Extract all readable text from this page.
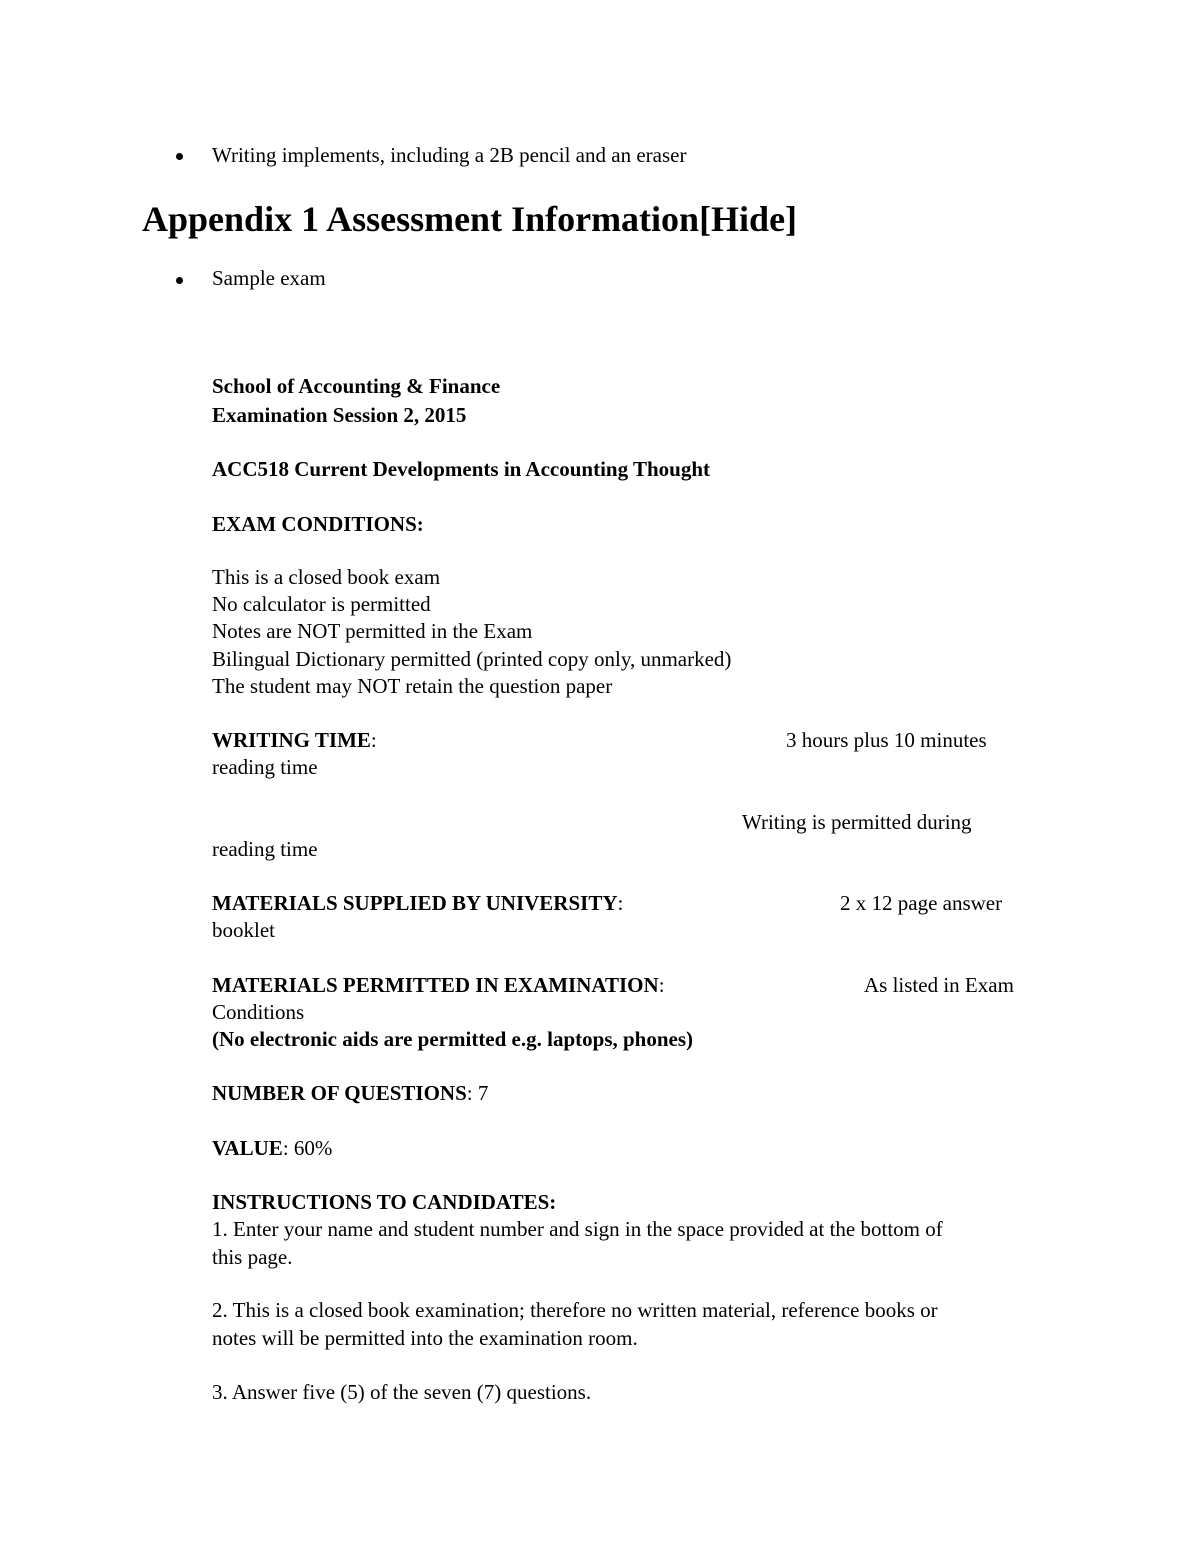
Writing implements, including a 2B pencil and an eraser
Appendix 1 Assessment Information[Hide]
Sample exam
School of Accounting & Finance
Examination Session 2, 2015
ACC518 Current Developments in Accounting Thought
EXAM CONDITIONS:
This is a closed book exam
No calculator is permitted
Notes are NOT permitted in the Exam
Bilingual Dictionary permitted (printed copy only, unmarked)
The student may NOT retain the question paper
WRITING TIME:	3 hours plus 10 minutes
reading time
Writing is permitted during
reading time
MATERIALS SUPPLIED BY UNIVERSITY:	2 x 12 page answer
booklet
MATERIALS PERMITTED IN EXAMINATION:	As listed in Exam
Conditions
(No electronic aids are permitted e.g. laptops, phones)
NUMBER OF QUESTIONS: 7
VALUE: 60%
INSTRUCTIONS TO CANDIDATES:
1. Enter your name and student number and sign in the space provided at the bottom of
this page.
2. This is a closed book examination; therefore no written material, reference books or
notes will be permitted into the examination room.
3. Answer five (5) of the seven (7) questions.
